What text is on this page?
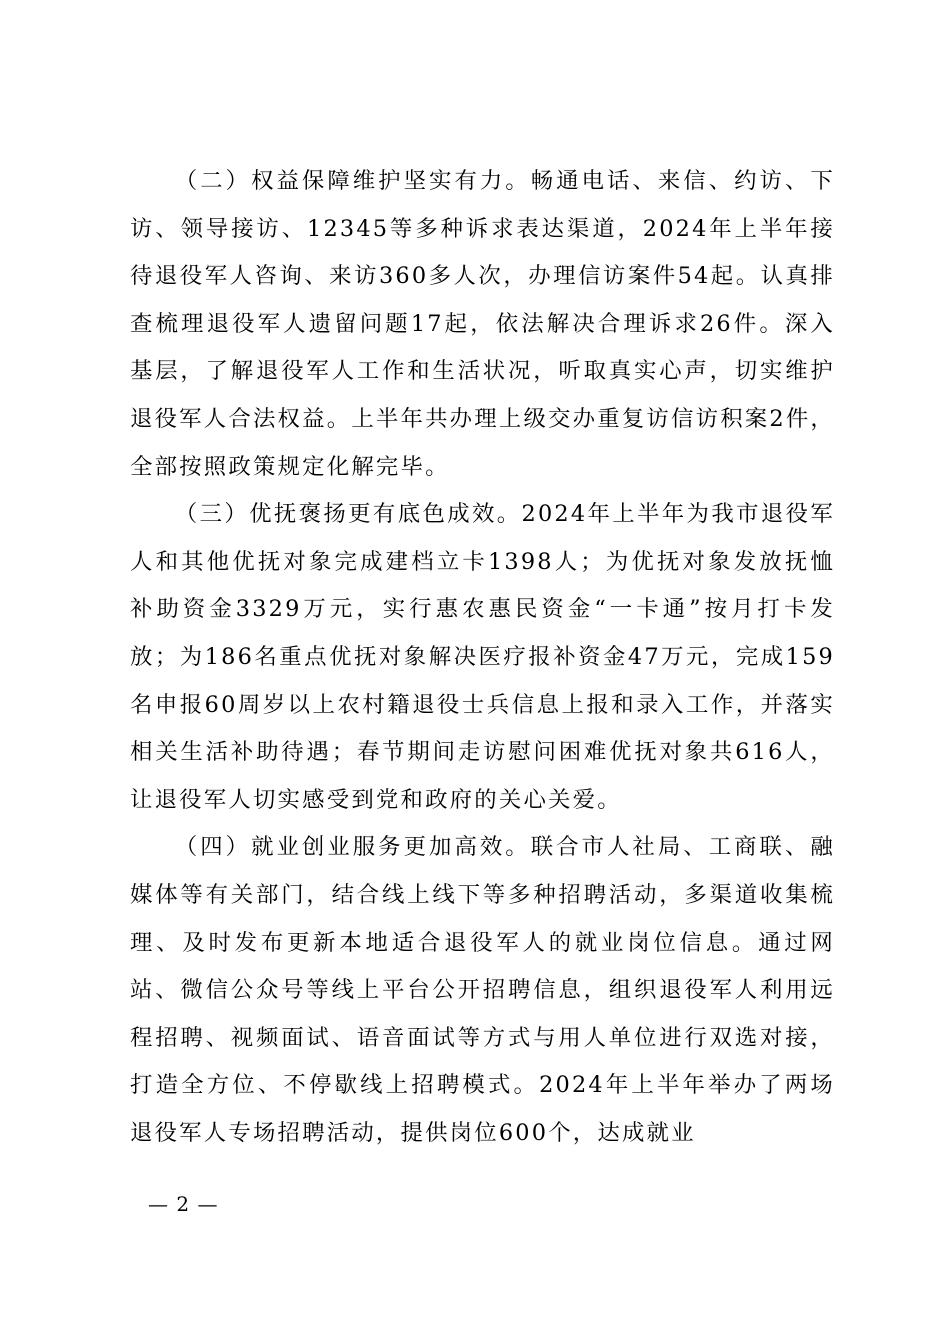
（二）权益保障维护坚实有力。畅通电话、来信、约访、下访、领导接访、12345等多种诉求表达渠道，2024年上半年接待退役军人咨询、来访360多人次，办理信访案件54起。认真排查梳理退役军人遗留问题17起，依法解决合理诉求26件。深入基层，了解退役军人工作和生活状况，听取真实心声，切实维护退役军人合法权益。上半年共办理上级交办重复访信访积案2件，全部按照政策规定化解完毕。

（三）优抚褒扬更有底色成效。2024年上半年为我市退役军人和其他优抚对象完成建档立卡1398人；为优抚对象发放抚恤补助资金3329万元，实行惠农惠民资金“一卡通”按月打卡发放；为186名重点优抚对象解决医疗报补资金47万元，完成159名申报60周岁以上农村籍退役士兵信息上报和录入工作，并落实相关生活补助待遇；春节期间走访慰问困难优抚对象共616人，让退役军人切实感受到党和政府的关心关爱。

（四）就业创业服务更加高效。联合市人社局、工商联、融媒体等有关部门，结合线上线下等多种招聘活动，多渠道收集梳理、及时发布更新本地适合退役军人的就业岗位信息。通过网站、微信公众号等线上平台公开招聘信息，组织退役军人利用远程招聘、视频面试、语音面试等方式与用人单位进行双选对接，打造全方位、不停歇线上招聘模式。2024年上半年举办了两场退役军人专场招聘活动，提供岗位600个，达成就业

— 2 —
